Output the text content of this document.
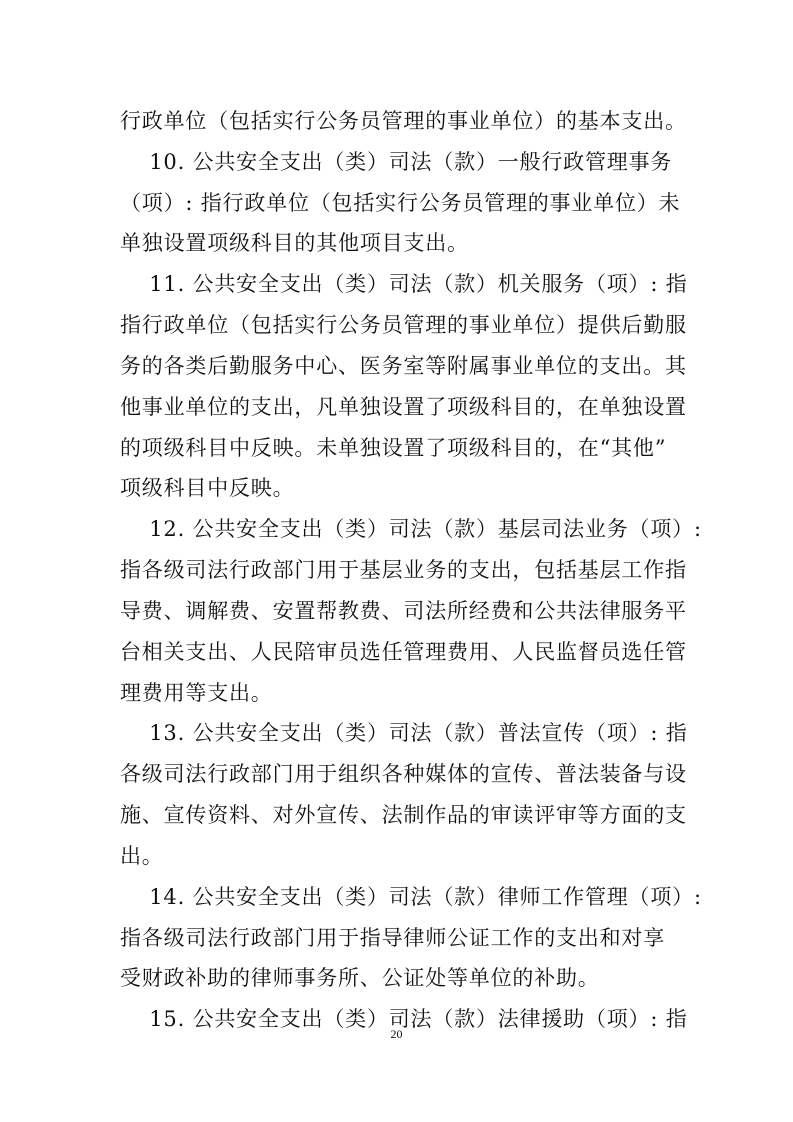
行政单位（包括实行公务员管理的事业单位）的基本支出。
　 10. 公共安全支出（类）司法（款）一般行政管理事务
（项）: 指行政单位（包括实行公务员管理的事业单位）未
单独设置项级科目的其他项目支出。
　 11. 公共安全支出（类）司法（款）机关服务（项）: 指
指行政单位（包括实行公务员管理的事业单位）提供后勤服
务的各类后勤服务中心、医务室等附属事业单位的支出。其
他事业单位的支出，凡单独设置了项级科目的，在单独设置
的项级科目中反映。未单独设置了项级科目的，在“其他”
项级科目中反映。
　 12. 公共安全支出（类）司法（款）基层司法业务（项）:
指各级司法行政部门用于基层业务的支出，包括基层工作指
导费、调解费、安置帮教费、司法所经费和公共法律服务平
台相关支出、人民陪审员选任管理费用、人民监督员选任管
理费用等支出。
　 13. 公共安全支出（类）司法（款）普法宣传（项）: 指
各级司法行政部门用于组织各种媒体的宣传、普法装备与设
施、宣传资料、对外宣传、法制作品的审读评审等方面的支
出。
　 14. 公共安全支出（类）司法（款）律师工作管理（项）:
指各级司法行政部门用于指导律师公证工作的支出和对享
受财政补助的律师事务所、公证处等单位的补助。
　 15. 公共安全支出（类）司法（款）法律援助（项）: 指
20
